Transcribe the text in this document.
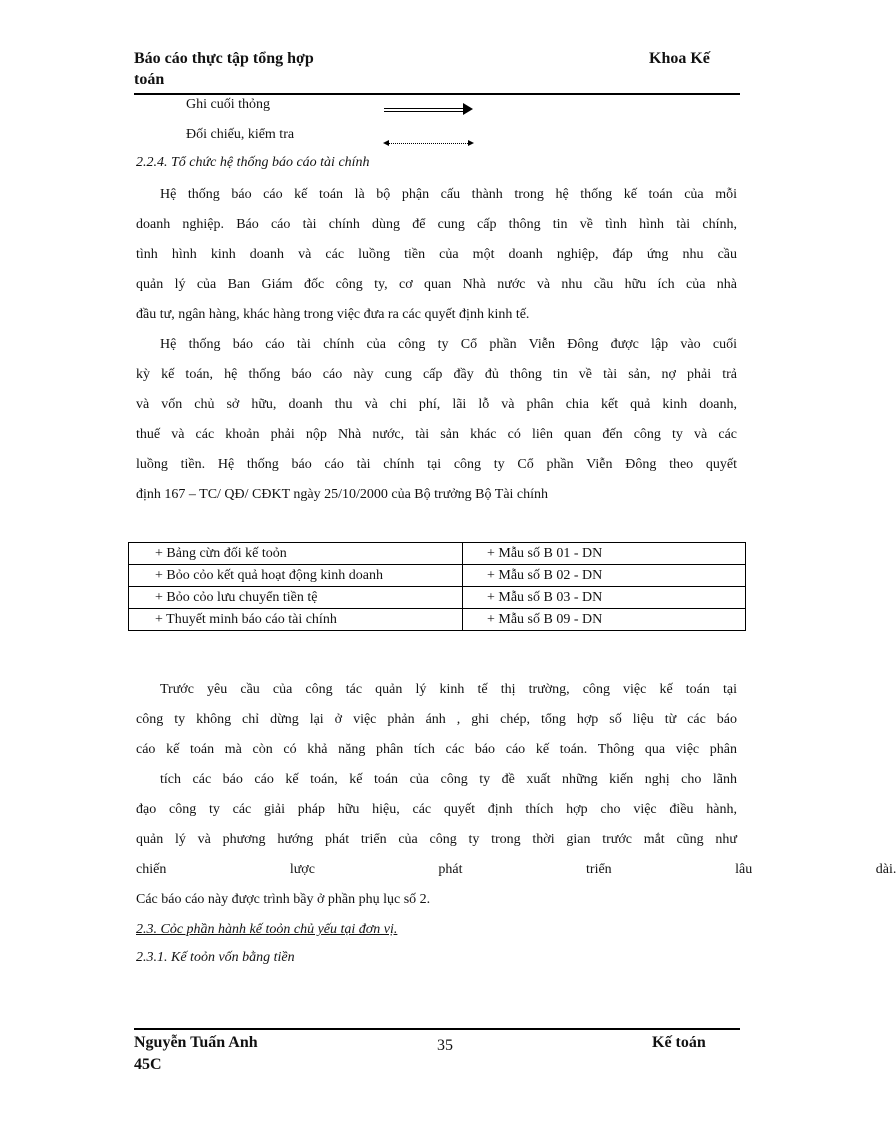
Báo cáo thực tập tổng hợp
toán
Khoa Kế
Ghi cuối thỏng
Đối chiếu, kiểm tra
2.2.4. Tổ chức hệ thống báo cáo tài chính
Hệ thống báo cáo kế toán là bộ phận cấu thành trong hệ thống kế toán của mỗi
doanh nghiệp. Báo cáo tài chính dùng để cung cấp thông tin về tình hình tài chính,
tình hình kinh doanh và các luồng tiền của một doanh nghiệp, đáp ứng nhu cầu
quản lý của Ban Giám đốc công ty, cơ quan Nhà nước và nhu cầu hữu ích của nhà
đầu tư, ngân hàng, khác hàng trong việc đưa ra các quyết định kinh tế.
Hệ thống báo cáo tài chính của công ty Cổ phần Viễn Đông được lập vào cuối
kỳ kế toán, hệ thống báo cáo này cung cấp đầy đủ thông tin về tài sản, nợ phải trả
và vốn chủ sở hữu, doanh thu và chi phí, lãi lỗ và phân chia kết quả kinh doanh,
thuế và các khoản phải nộp Nhà nước, tài sản khác có liên quan đến công ty và các
luồng tiền. Hệ thống báo cáo tài chính tại công ty Cổ phần Viễn Đông theo quyết
định 167 – TC/ QĐ/ CĐKT ngày 25/10/2000 của Bộ trưởng Bộ Tài chính
+ Bảng cừn đối kế toỏn	+ Mẫu số B 01 - DN
+ Bỏo cỏo kết quả hoạt động kinh doanh	+ Mẫu số B 02 - DN
+ Bỏo cỏo lưu chuyển tiền tệ	+ Mẫu số B 03 - DN
+ Thuyết minh báo cáo tài chính	+ Mẫu số B 09 - DN
Trước yêu cầu của công tác quản lý kinh tế thị trường, công việc kế toán tại
công ty không chỉ dừng lại ở việc phản ánh , ghi chép, tổng hợp số liệu từ các báo
cáo kế toán mà còn có khả năng phân tích các báo cáo kế toán. Thông qua việc phân
tích các báo cáo kế toán, kế toán của công ty đề xuất những kiến nghị cho lãnh
đạo công ty các giải pháp hữu hiệu, các quyết định thích hợp cho việc điều hành,
quản lý và phương hướng phát triển của công ty trong thời gian trước mắt cũng như
chiến lược phát triển lâu dài.
Các báo cáo này được trình bầy ở phần phụ lục số 2.
2.3. Cỏc phần hành kế toỏn chủ yếu tại đơn vị.
2.3.1. Kế toỏn vốn bằng tiền
Nguyễn Tuấn Anh	35	Kế toán
45C
